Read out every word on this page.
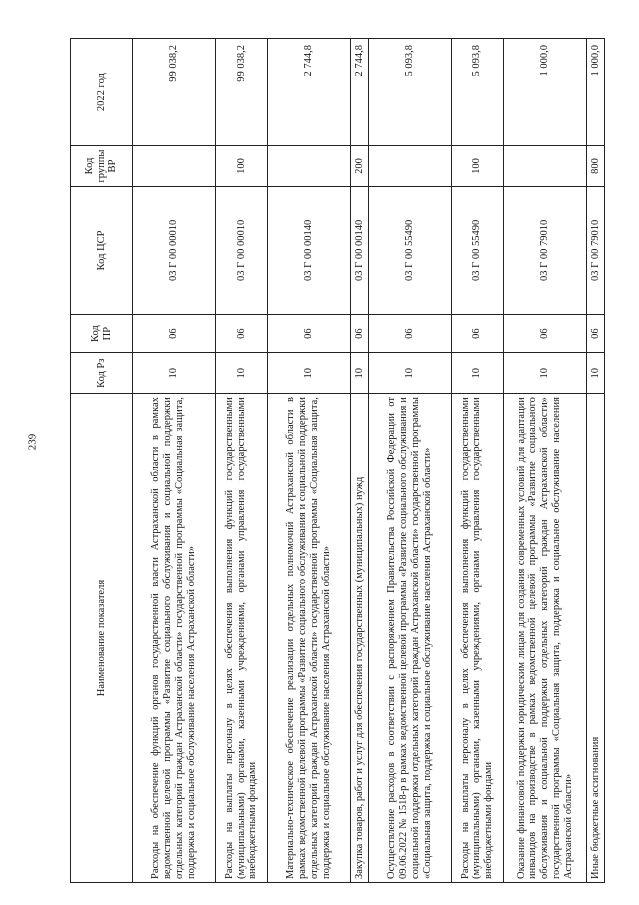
239
Наименование показателя	Код Рз	Код ПР	Код ЦСР	Код группы ВР	2022 год
Расходы на обеспечение функций органов государственной власти Астраханской области в рамках ведомственной целевой программы «Развитие социального обслуживания и социальной поддержки отдельных категорий граждан Астраханской области» государственной программы «Социальная защита, поддержка и социальное обслуживание населения Астраханской области»	10	06	03 Г 00 00010		99 038,2
Расходы на выплаты персоналу в целях обеспечения выполнения функций государственными (муниципальными) органами, казенными учреждениями, органами управления государственными внебюджетными фондами	10	06	03 Г 00 00010	100	99 038,2
Материально-техническое обеспечение реализации отдельных полномочий Астраханской области в рамках ведомственной целевой программы «Развитие социального обслуживания и социальной поддержки отдельных категорий граждан Астраханской области» государственной программы «Социальная защита, поддержка и социальное обслуживание населения Астраханской области»	10	06	03 Г 00 00140		2 744,8
Закупка товаров, работ и услуг для обеспечения государственных (муниципальных) нужд	10	06	03 Г 00 00140	200	2 744,8
Осуществление расходов в соответствии с распоряжением Правительства Российской Федерации от 09.06.2022 № 1518-р в рамках ведомственной целевой программы «Развитие социального обслуживания и социальной поддержки отдельных категорий граждан Астраханской области» государственной программы «Социальная защита, поддержка и социальное обслуживание населения Астраханской области»	10	06	03 Г 00 55490		5 093,8
Расходы на выплаты персоналу в целях обеспечения выполнения функций государственными (муниципальными) органами, казенными учреждениями, органами управления государственными внебюджетными фондами	10	06	03 Г 00 55490	100	5 093,8
Оказание финансовой поддержки юридическим лицам для создания современных условий для адаптации инвалидов на производстве в рамках ведомственной целевой программы «Развитие социального обслуживания и социальной поддержки отдельных категорий граждан Астраханской области» государственной программы «Социальная защита, поддержка и социальное обслуживание населения Астраханской области»	10	06	03 Г 00 79010		1 000,0
Иные бюджетные ассигнования	10	06	03 Г 00 79010	800	1 000,0
